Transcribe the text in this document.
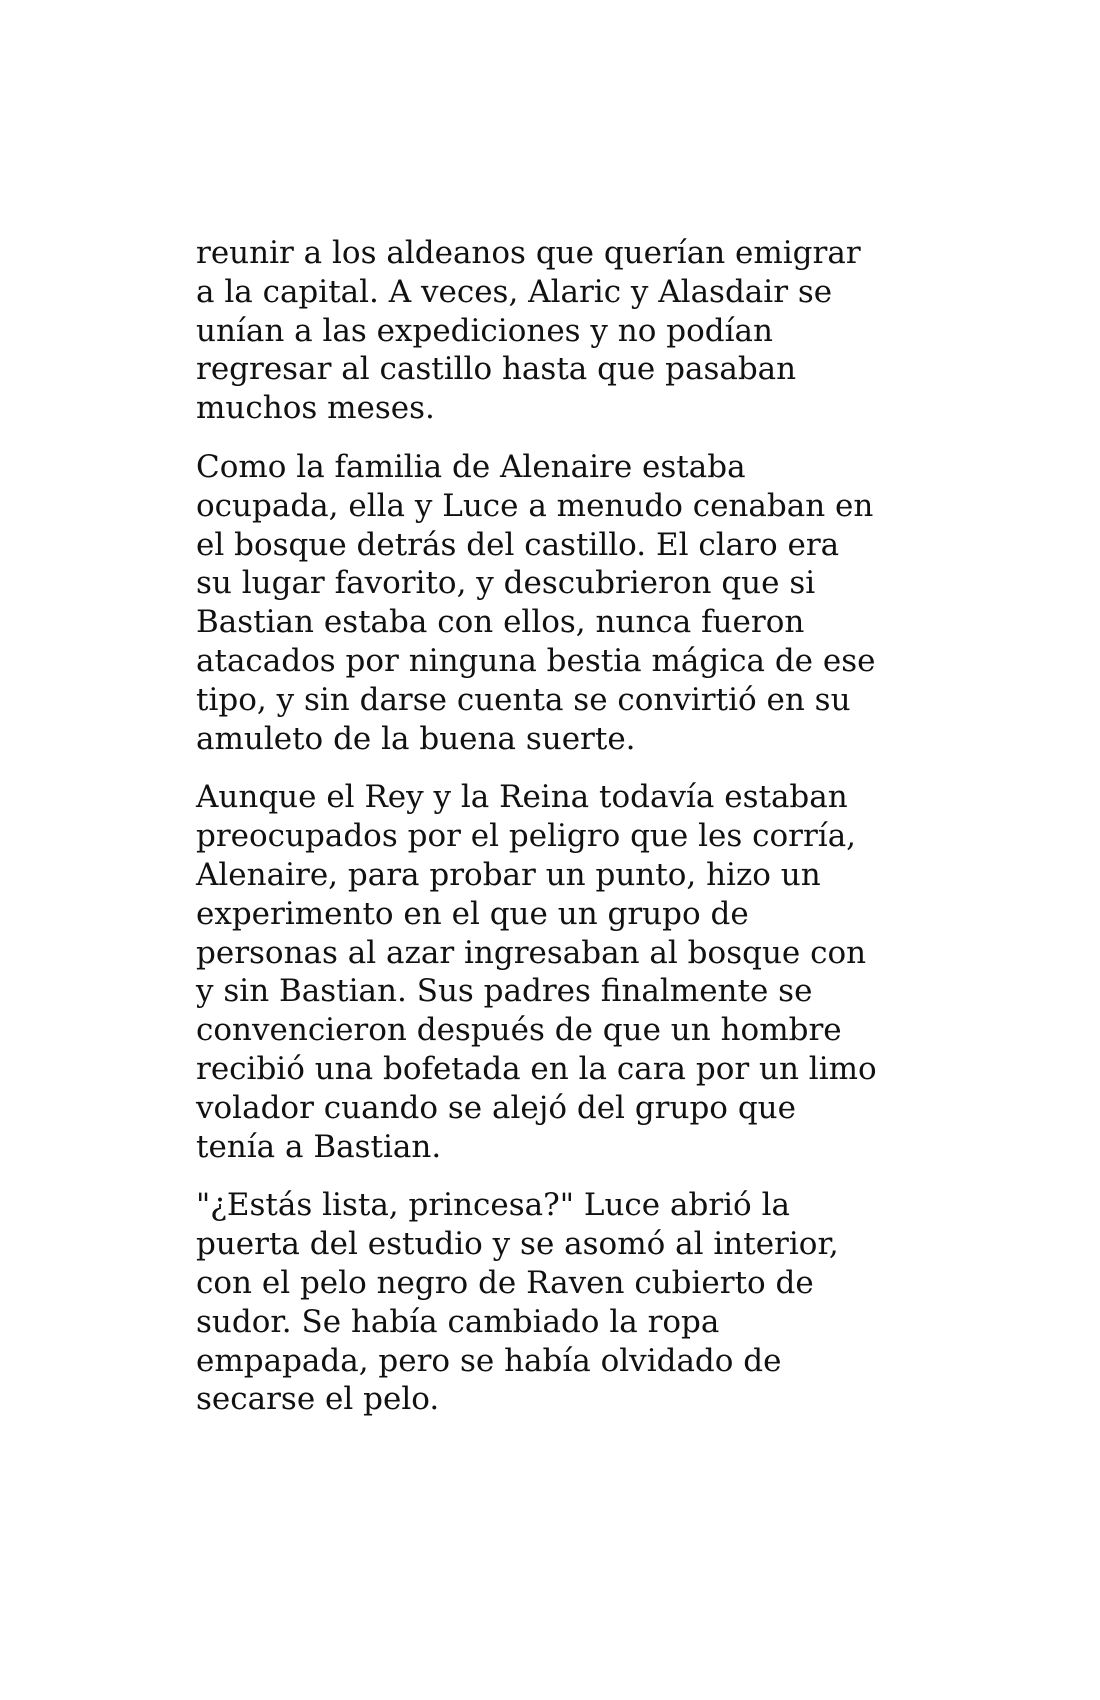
reunir a los aldeanos que querían emigrar
a la capital. A veces, Alaric y Alasdair se
unían a las expediciones y no podían
regresar al castillo hasta que pasaban
muchos meses.

Como la familia de Alenaire estaba
ocupada, ella y Luce a menudo cenaban en
el bosque detrás del castillo. El claro era
su lugar favorito, y descubrieron que si
Bastian estaba con ellos, nunca fueron
atacados por ninguna bestia mágica de ese
tipo, y sin darse cuenta se convirtió en su
amuleto de la buena suerte.

Aunque el Rey y la Reina todavía estaban
preocupados por el peligro que les corría,
Alenaire, para probar un punto, hizo un
experimento en el que un grupo de
personas al azar ingresaban al bosque con
y sin Bastian. Sus padres finalmente se
convencieron después de que un hombre
recibió una bofetada en la cara por un limo
volador cuando se alejó del grupo que
tenía a Bastian.

"¿Estás lista, princesa?" Luce abrió la
puerta del estudio y se asomó al interior,
con el pelo negro de Raven cubierto de
sudor. Se había cambiado la ropa
empapada, pero se había olvidado de
secarse el pelo.
